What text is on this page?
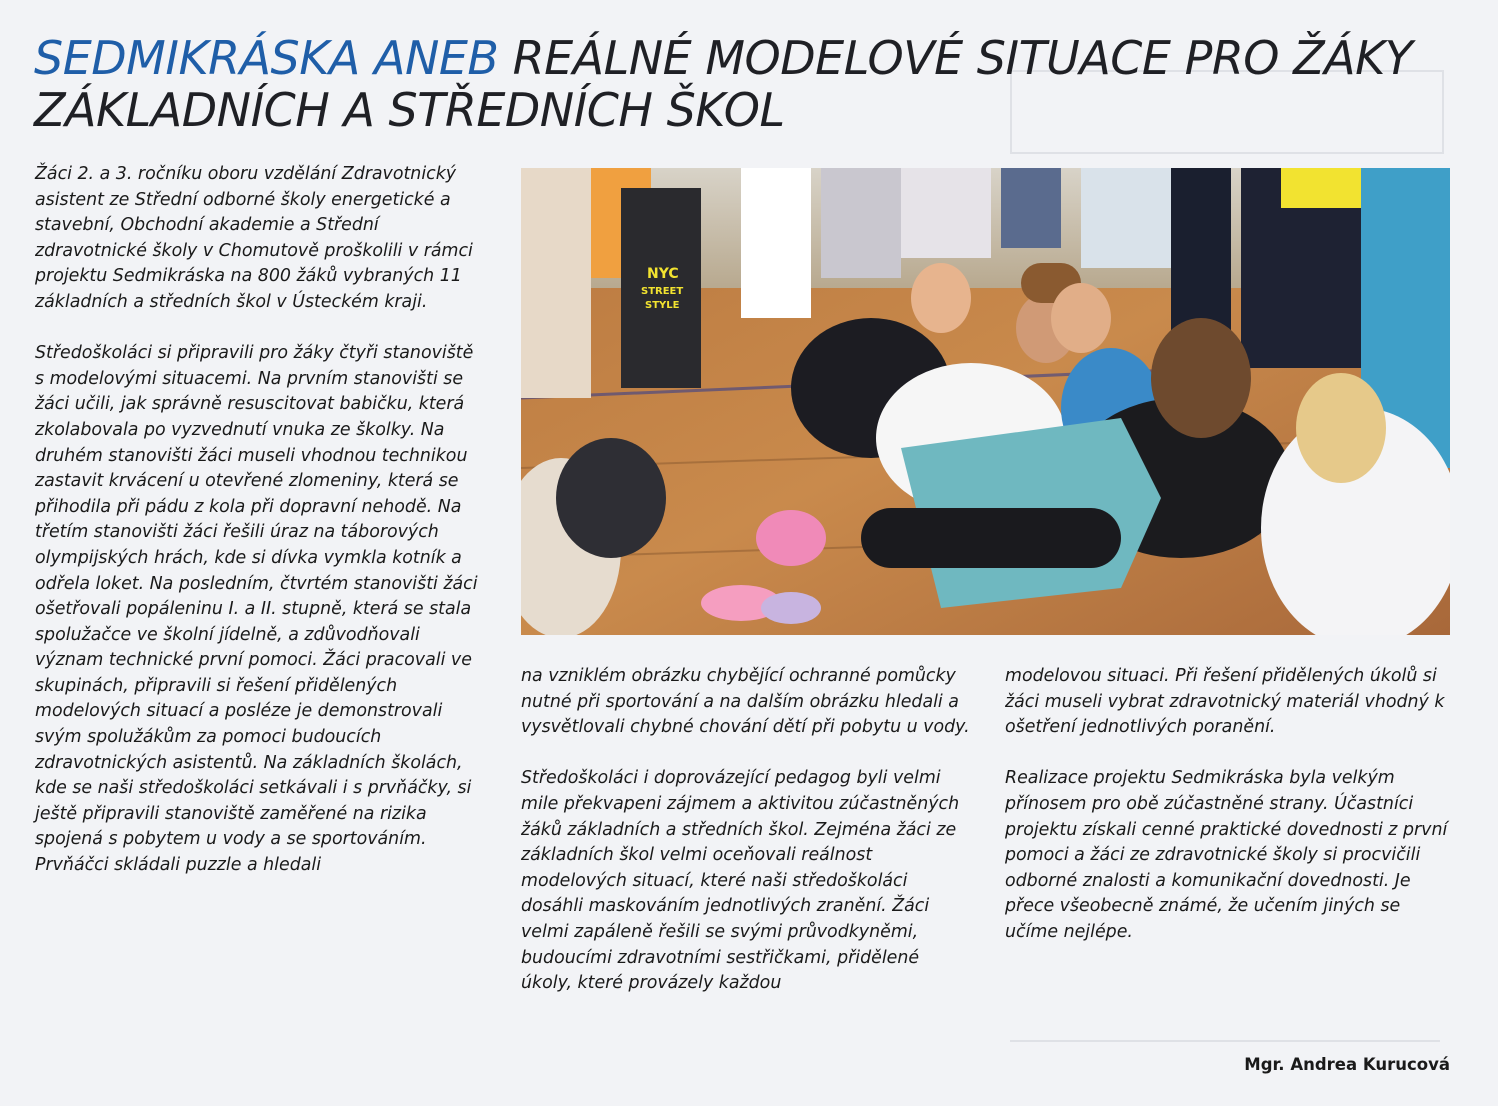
SEDMIKRÁSKA ANEB REÁLNÉ MODELOVÉ SITUACE PRO ŽÁKY ZÁKLADNÍCH A STŘEDNÍCH ŠKOL

Žáci 2. a 3. ročníku oboru vzdělání Zdravotnický asistent ze Střední odborné školy energetické a stavební, Obchodní akademie a Střední zdravotnické školy v Chomutově proškolili v rámci projektu Sedmikráska na 800 žáků vybraných 11 základních a středních škol v Ústeckém kraji.

Středoškoláci si připravili pro žáky čtyři stanoviště s modelovými situacemi. Na prvním stanovišti se žáci učili, jak správně resuscitovat babičku, která zkolabovala po vyzvednutí vnuka ze školky. Na druhém stanovišti žáci museli vhodnou technikou zastavit krvácení u otevřené zlomeniny, která se přihodila při pádu z kola při dopravní nehodě. Na třetím stanovišti žáci řešili úraz na táborových olympijských hrách, kde si dívka vymkla kotník a odřela loket. Na posledním, čtvrtém stanovišti žáci ošetřovali popáleninu I. a II. stupně, která se stala spolužačce ve školní jídelně, a zdůvodňovali význam technické první pomoci. Žáci pracovali ve skupinách, připravili si řešení přidělených modelových situací a posléze je demonstrovali svým spolužákům za pomoci budoucích zdravotnických asistentů. Na základních školách, kde se naši středoškoláci setkávali i s prvňáčky, si ještě připravili stanoviště zaměřené na rizika spojená s pobytem u vody a se sportováním. Prvňáčci skládali puzzle a hledali

NYC
STREET
STYLE

na vzniklém obrázku chybějící ochranné pomůcky nutné při sportování a na dalším obrázku hledali a vysvětlovali chybné chování dětí při pobytu u vody.

Středoškoláci i doprovázející pedagog byli velmi mile překvapeni zájmem a aktivitou zúčastněných žáků základních a středních škol. Zejména žáci ze základních škol velmi oceňovali reálnost modelových situací, které naši středoškoláci dosáhli maskováním jednotlivých zranění. Žáci velmi zapáleně řešili se svými průvodkyněmi, budoucími zdravotními sestřičkami, přidělené úkoly, které provázely každou

modelovou situaci. Při řešení přidělených úkolů si žáci museli vybrat zdravotnický materiál vhodný k ošetření jednotlivých poranění.

Realizace projektu Sedmikráska byla velkým přínosem pro obě zúčastněné strany. Účastníci projektu získali cenné praktické dovednosti z první pomoci a žáci ze zdravotnické školy si procvičili odborné znalosti a komunikační dovednosti. Je přece všeobecně známé, že učením jiných se učíme nejlépe.

Mgr. Andrea Kurucová
